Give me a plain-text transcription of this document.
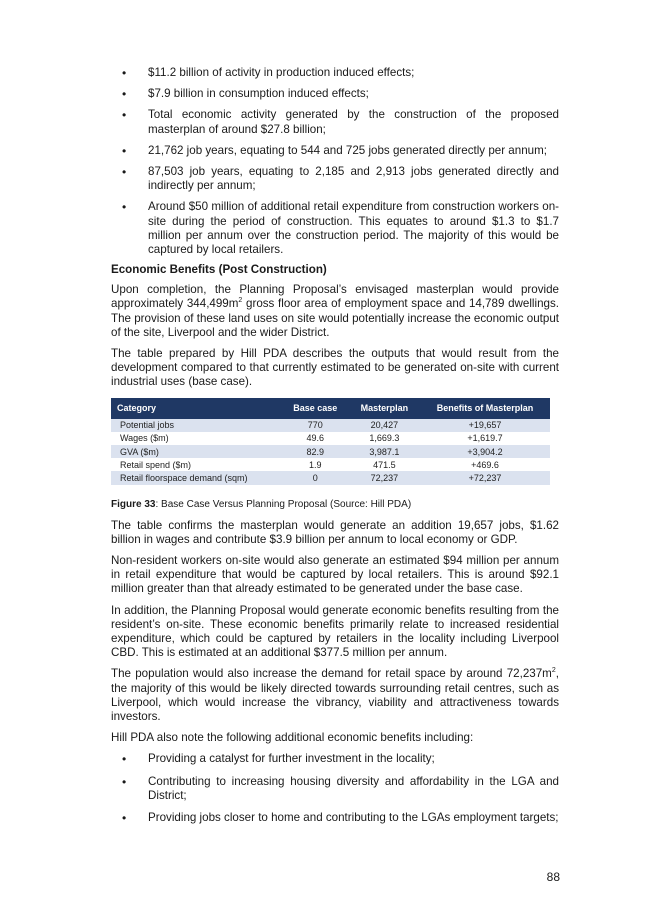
• $11.2 billion of activity in production induced effects;
• $7.9 billion in consumption induced effects;
• Total economic activity generated by the construction of the proposed masterplan of around $27.8 billion;
• 21,762 job years, equating to 544 and 725 jobs generated directly per annum;
• 87,503 job years, equating to 2,185 and 2,913 jobs generated directly and indirectly per annum;
• Around $50 million of additional retail expenditure from construction workers on-site during the period of construction. This equates to around $1.3 to $1.7 million per annum over the construction period. The majority of this would be captured by local retailers.
Economic Benefits (Post Construction)

Upon completion, the Planning Proposal’s envisaged masterplan would provide approximately $344,499m^2$ gross floor area of employment space and 14,789 dwellings. The provision of these land uses on site would potentially increase the economic output of the site, Liverpool and the wider District.

The table prepared by Hill PDA describes the outputs that would result from the development compared to that currently estimated to be generated on-site with current industrial uses (base case).

Category	Base case	Masterplan	Benefits of Masterplan
Potential jobs	770	20,427	+19,657
Wages ($m)	49.6	1,669.3	+1,619.7
GVA ($m)	82.9	3,987.1	+3,904.2
Retail spend ($m)	1.9	471.5	+469.6
Retail floorspace demand (sqm)	0	72,237	+72,237
Figure 33: Base Case Versus Planning Proposal (Source: Hill PDA)

The table confirms the masterplan would generate an addition 19,657 jobs, $1.62 billion in wages and contribute $3.9 billion per annum to local economy or GDP.

Non-resident workers on-site would also generate an estimated $94 million per annum in retail expenditure that would be captured by local retailers. This is around $92.1 million greater than that already estimated to be generated under the base case.

In addition, the Planning Proposal would generate economic benefits resulting from the resident’s on-site. These economic benefits primarily relate to increased residential expenditure, which could be captured by retailers in the locality including Liverpool CBD. This is estimated at an additional $377.5 million per annum.

The population would also increase the demand for retail space by around $72,237m^2$, the majority of this would be likely directed towards surrounding retail centres, such as Liverpool, which would increase the vibrancy, viability and attractiveness towards investors.

Hill PDA also note the following additional economic benefits including:

• Providing a catalyst for further investment in the locality;
• Contributing to increasing housing diversity and affordability in the LGA and District;
• Providing jobs closer to home and contributing to the LGAs employment targets;
88
